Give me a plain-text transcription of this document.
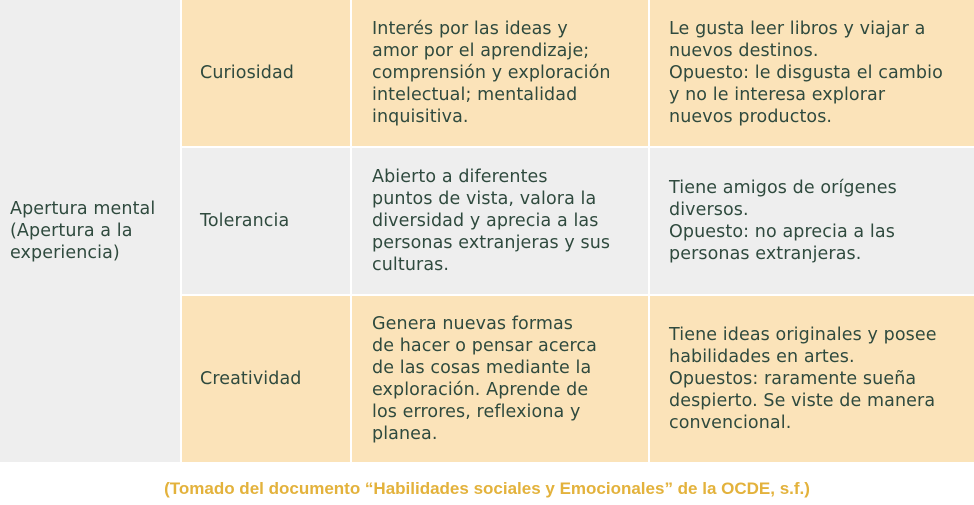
Apertura mental
(Apertura a la
experiencia)
Curiosidad
Interés por las ideas y
amor por el aprendizaje;
comprensión y exploración
intelectual; mentalidad
inquisitiva.
Le gusta leer libros y viajar a
nuevos destinos.
Opuesto: le disgusta el cambio
y no le interesa explorar
nuevos productos.
Tolerancia
Abierto a diferentes
puntos de vista, valora la
diversidad y aprecia a las
personas extranjeras y sus
culturas.
Tiene amigos de orígenes
diversos.
Opuesto: no aprecia a las
personas extranjeras.
Creatividad
Genera nuevas formas
de hacer o pensar acerca
de las cosas mediante la
exploración. Aprende de
los errores, reflexiona y
planea.
Tiene ideas originales y posee
habilidades en artes.
Opuestos: raramente sueña
despierto. Se viste de manera
convencional.
(Tomado del documento “Habilidades sociales y Emocionales” de la OCDE, s.f.)
